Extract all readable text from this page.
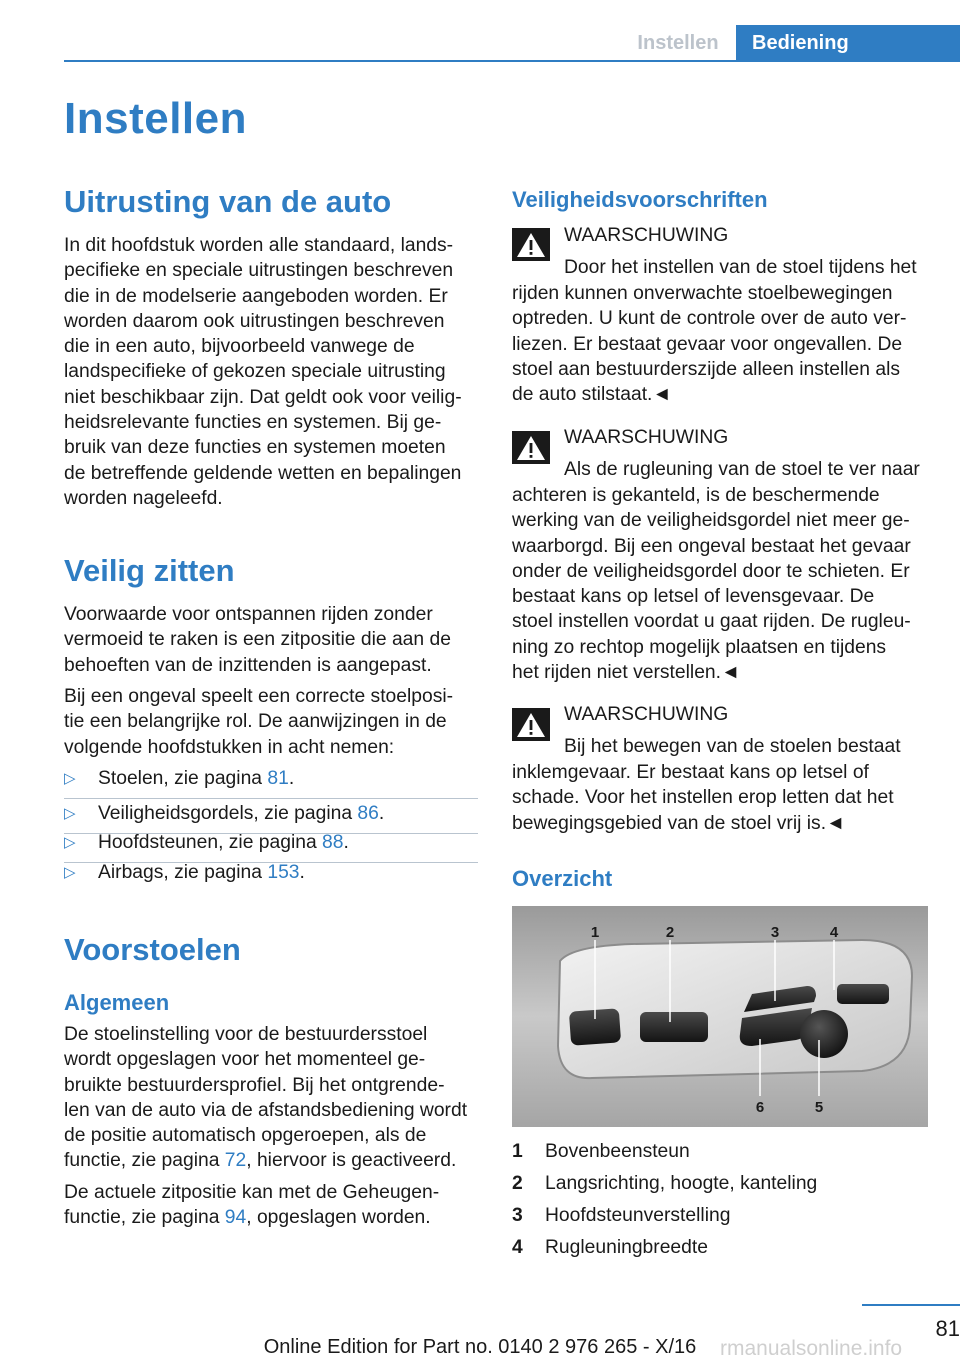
Instellen	Bediening
Instellen
Uitrusting van de auto
In dit hoofdstuk worden alle standaard, lands‐
pecifieke en speciale uitrustingen beschreven
die in de modelserie aangeboden worden. Er
worden daarom ook uitrustingen beschreven
die in een auto, bijvoorbeeld vanwege de
landspecifieke of gekozen speciale uitrusting
niet beschikbaar zijn. Dat geldt ook voor veilig‐
heidsrelevante functies en systemen. Bij ge‐
bruik van deze functies en systemen moeten
de betreffende geldende wetten en bepalingen
worden nageleefd.
Veilig zitten
Voorwaarde voor ontspannen rijden zonder
vermoeid te raken is een zitpositie die aan de
behoeften van de inzittenden is aangepast.
Bij een ongeval speelt een correcte stoelposi‐
tie een belangrijke rol. De aanwijzingen in de
volgende hoofdstukken in acht nemen:
▷ Stoelen, zie pagina 81.
▷ Veiligheidsgordels, zie pagina 86.
▷ Hoofdsteunen, zie pagina 88.
▷ Airbags, zie pagina 153.
Voorstoelen
Algemeen
De stoelinstelling voor de bestuurdersstoel
wordt opgeslagen voor het momenteel ge‐
bruikte bestuurdersprofiel. Bij het ontgrende‐
len van de auto via de afstandsbediening wordt
de positie automatisch opgeroepen, als de
functie, zie pagina 72, hiervoor is geactiveerd.
De actuele zitpositie kan met de Geheugen‐
functie, zie pagina 94, opgeslagen worden.
Veiligheidsvoorschriften
WAARSCHUWING
Door het instellen van de stoel tijdens het
rijden kunnen onverwachte stoelbewegingen
optreden. U kunt de controle over de auto ver‐
liezen. Er bestaat gevaar voor ongevallen. De
stoel aan bestuurderszijde alleen instellen als
de auto stilstaat.◄
WAARSCHUWING
Als de rugleuning van de stoel te ver naar
achteren is gekanteld, is de beschermende
werking van de veiligheidsgordel niet meer ge‐
waarborgd. Bij een ongeval bestaat het gevaar
onder de veiligheidsgordel door te schieten. Er
bestaat kans op letsel of levensgevaar. De
stoel instellen voordat u gaat rijden. De rugleu‐
ning zo rechtop mogelijk plaatsen en tijdens
het rijden niet verstellen.◄
WAARSCHUWING
Bij het bewegen van de stoelen bestaat
inklemgevaar. Er bestaat kans op letsel of
schade. Voor het instellen erop letten dat het
bewegingsgebied van de stoel vrij is.◄
Overzicht
1	2	3	4
5
6
1 Bovenbeensteun
2 Langsrichting, hoogte, kanteling
3 Hoofdsteunverstelling
4 Rugleuningbreedte
81
Online Edition for Part no. 0140 2 976 265 - X/16	rmanualsonline.info
